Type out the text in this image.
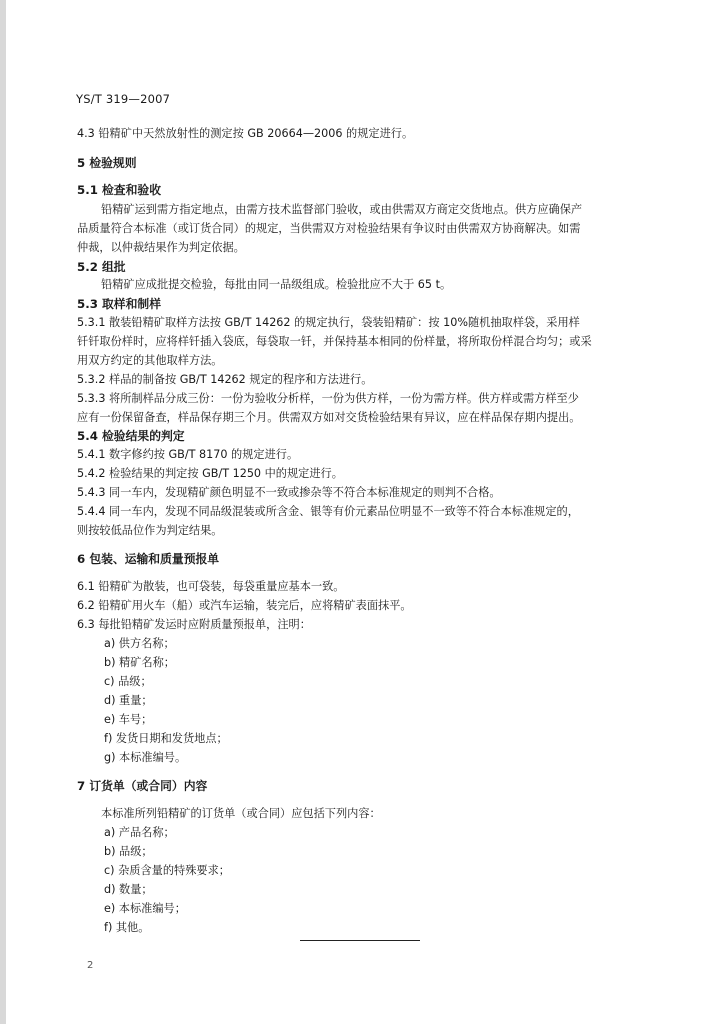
YS/T 319—2007
4.3 铅精矿中天然放射性的测定按 GB 20664—2006 的规定进行。
5 检验规则
5.1 检查和验收
铅精矿运到需方指定地点，由需方技术监督部门验收，或由供需双方商定交货地点。供方应确保产
品质量符合本标准（或订货合同）的规定，当供需双方对检验结果有争议时由供需双方协商解决。如需
仲裁，以仲裁结果作为判定依据。
5.2 组批
铅精矿应成批提交检验，每批由同一品级组成。检验批应不大于 65 t。
5.3 取样和制样
5.3.1 散装铅精矿取样方法按 GB/T 14262 的规定执行，袋装铅精矿：按 10%随机抽取样袋，采用样
钎钎取份样时，应将样钎插入袋底，每袋取一钎，并保持基本相同的份样量，将所取份样混合均匀；或采
用双方约定的其他取样方法。
5.3.2 样品的制备按 GB/T 14262 规定的程序和方法进行。
5.3.3 将所制样品分成三份：一份为验收分析样，一份为供方样，一份为需方样。供方样或需方样至少
应有一份保留备查，样品保存期三个月。供需双方如对交货检验结果有异议，应在样品保存期内提出。
5.4 检验结果的判定
5.4.1 数字修约按 GB/T 8170 的规定进行。
5.4.2 检验结果的判定按 GB/T 1250 中的规定进行。
5.4.3 同一车内，发现精矿颜色明显不一致或掺杂等不符合本标准规定的则判不合格。
5.4.4 同一车内，发现不同品级混装或所含金、银等有价元素品位明显不一致等不符合本标准规定的，
则按较低品位作为判定结果。
6 包装、运输和质量预报单
6.1 铅精矿为散装，也可袋装，每袋重量应基本一致。
6.2 铅精矿用火车（船）或汽车运输，装完后，应将精矿表面抹平。
6.3 每批铅精矿发运时应附质量预报单，注明：
a) 供方名称；
b) 精矿名称；
c) 品级；
d) 重量；
e) 车号；
f) 发货日期和发货地点；
g) 本标准编号。
7 订货单（或合同）内容
本标准所列铅精矿的订货单（或合同）应包括下列内容：
a) 产品名称；
b) 品级；
c) 杂质含量的特殊要求；
d) 数量；
e) 本标准编号；
f) 其他。
2
